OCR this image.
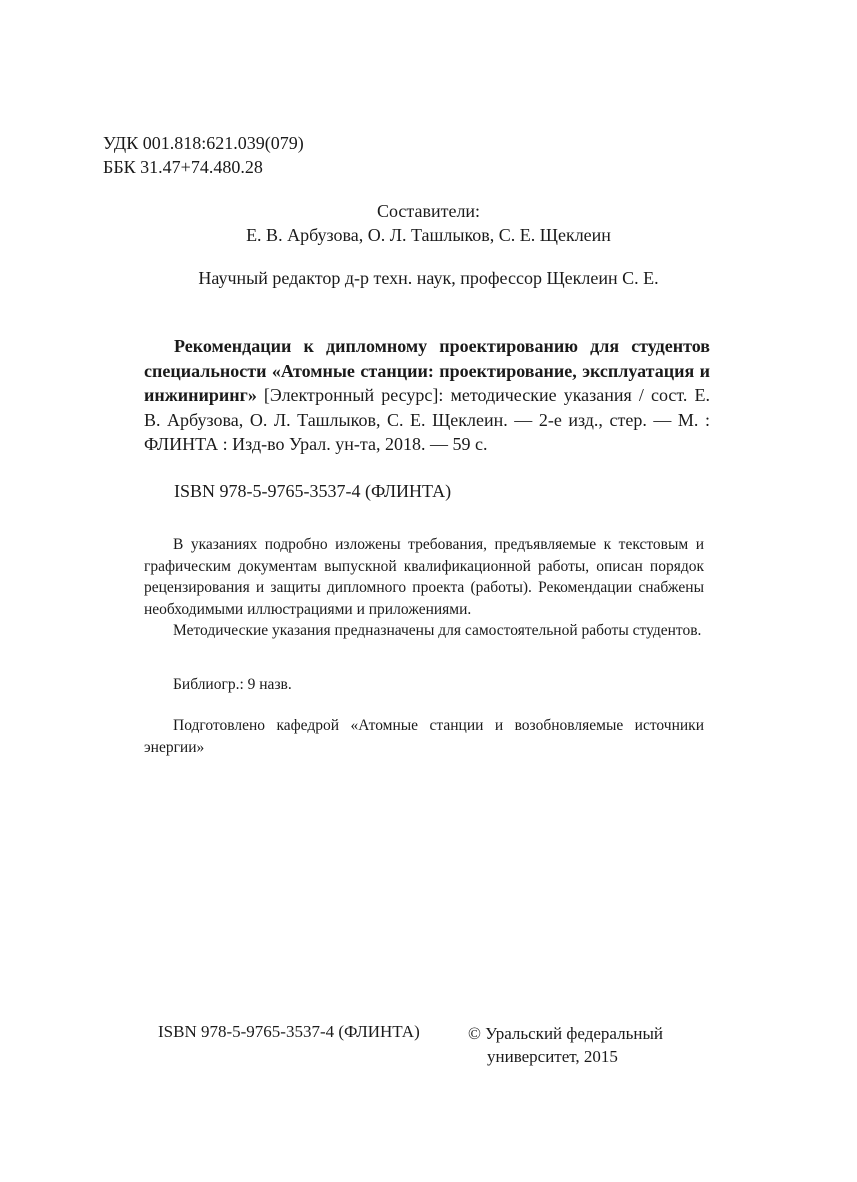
УДК 001.818:621.039(079)
ББК 31.47+74.480.28
Составители:
Е. В. Арбузова, О. Л. Ташлыков, С. Е. Щеклеин
Научный редактор д-р техн. наук, профессор Щеклеин С. Е.
Рекомендации к дипломному проектированию для студентов специальности «Атомные станции: проектирование, эксплуатация и инжиниринг» [Электронный ресурс]: методические указания / сост. Е. В. Арбузова, О. Л. Ташлыков, С. Е. Щеклеин. — 2-е изд., стер. — М. : ФЛИНТА : Изд-во Урал. ун-та, 2018. — 59 с.
ISBN 978-5-9765-3537-4 (ФЛИНТА)

В указаниях подробно изложены требования, предъявляемые к текстовым и графическим документам выпускной квалификационной работы, описан порядок рецензирования и защиты дипломного проекта (работы). Рекомендации снабжены необходимыми иллюстрациями и приложениями.

Методические указания предназначены для самостоятельной работы студентов.

Библиогр.: 9 назв.
Подготовлено кафедрой «Атомные станции и возобновляемые источники энергии»
ISBN 978-5-9765-3537-4 (ФЛИНТА)	© Уральский федеральный
университет, 2015
